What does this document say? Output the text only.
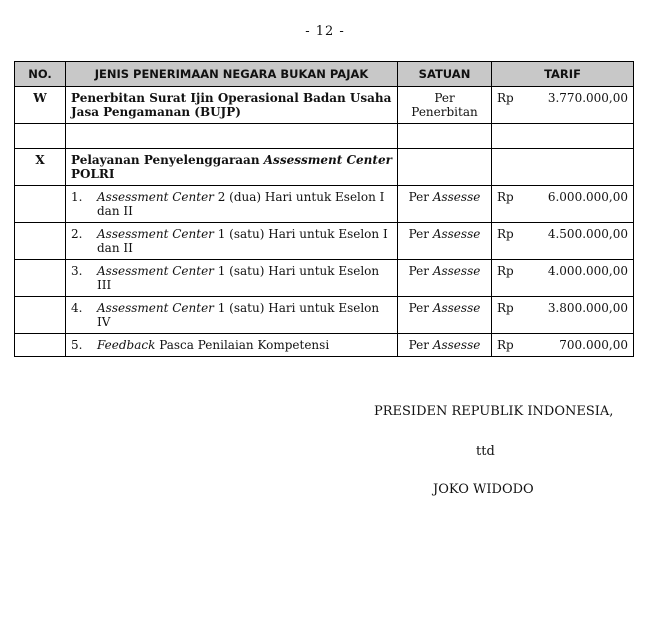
- 12 -
NO.	JENIS PENERIMAAN NEGARA BUKAN PAJAK	SATUAN	TARIF
W	Penerbitan Surat Ijin Operasional Badan Usaha Jasa Pengamanan (BUJP)	Per Penerbitan	Rp 3.770.000,00

X	Pelayanan Penyelenggaraan Assessment Center POLRI		

	1. Assessment Center 2 (dua) Hari untuk Eselon I dan II	Per Assesse	Rp 6.000.000,00

	2. Assessment Center 1 (satu) Hari untuk Eselon I dan II	Per Assesse	Rp 4.500.000,00

	3. Assessment Center 1 (satu) Hari untuk Eselon III	Per Assesse	Rp 4.000.000,00

	4. Assessment Center 1 (satu) Hari untuk Eselon IV	Per Assesse	Rp 3.800.000,00

	5. Feedback Pasca Penilaian Kompetensi	Per Assesse	Rp 700.000,00
PRESIDEN REPUBLIK INDONESIA,
ttd
JOKO WIDODO
